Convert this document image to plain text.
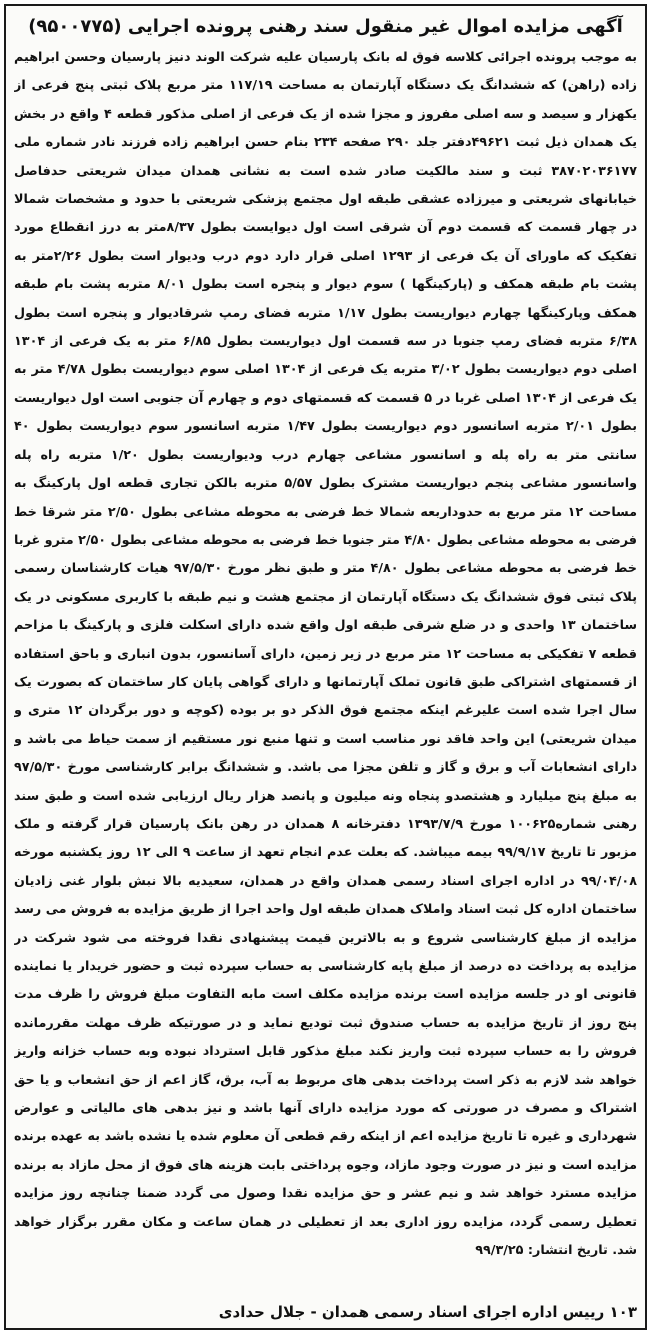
آگهی مزایده اموال غیر منقول سند رهنی پرونده اجرایی (۹۵۰۰۷۷۵)
به موجب پرونده اجرائی کلاسه فوق له بانک پارسیان علیه شرکت الوند دنیز پارسیان وحسن ابراهیم زاده (راهن) که ششدانگ یک دستگاه آپارتمان به مساحت ۱۱۷/۱۹ متر مربع پلاک ثبتی پنج فرعی از یکهزار و سیصد و سه اصلی مفروز و مجزا شده از یک فرعی از اصلی مذکور قطعه ۴ واقع در بخش یک همدان ذیل ثبت ۴۹۶۲۱دفتر جلد ۲۹۰ صفحه ۲۳۴ بنام حسن ابراهیم زاده فرزند نادر شماره ملی ۳۸۷۰۲۰۳۶۱۷۷ ثبت و سند مالکیت صادر شده است به نشانی همدان میدان شریعتی حدفاصل خیابانهای شریعتی و میرزاده عشقی طبقه اول مجتمع پزشکی شریعتی با حدود و مشخصات شمالا در چهار قسمت که قسمت دوم آن شرقی است اول دیوایست بطول ۸/۳۷متر به درز انقطاع مورد تفکیک که ماورای آن یک فرعی از ۱۲۹۳ اصلی قرار دارد دوم درب ودیوار است بطول ۲/۲۶متر به پشت بام طبقه همکف و (پارکینگها ) سوم دیوار و پنجره است بطول ۸/۰۱ متربه پشت بام طبقه همکف وپارکینگها چهارم دیواریست بطول ۱/۱۷ متربه فضای رمپ شرقادیوار و پنجره است بطول ۶/۳۸ متربه فضای رمپ جنوبا در سه قسمت اول دیواریست بطول ۶/۸۵ متر به یک فرعی از ۱۳۰۴ اصلی دوم دیواریست بطول ۳/۰۲ متربه یک فرعی از ۱۳۰۴ اصلی سوم دیواریست بطول ۴/۷۸ متر به یک فرعی از ۱۳۰۴ اصلی غربا در ۵ قسمت که قسمتهای دوم و چهارم آن جنوبی است اول دیواریست بطول ۲/۰۱ متربه اسانسور دوم دیواریست بطول ۱/۴۷ متربه اسانسور سوم دیواریست بطول ۴۰ سانتی متر به راه پله و اسانسور مشاعی چهارم درب ودیواریست بطول ۱/۲۰ متربه راه پله واسانسور مشاعی پنجم دیواریست مشترک بطول ۵/۵۷ متربه بالکن تجاری قطعه اول پارکینگ به مساحت ۱۲ متر مربع به حدوداربعه شمالا خط فرضی به محوطه مشاعی بطول ۲/۵۰ متر شرقا خط فرضی به محوطه مشاعی بطول ۴/۸۰ متر جنوبا خط فرضی به محوطه مشاعی بطول ۲/۵۰ مترو غربا خط فرضی به محوطه مشاعی بطول ۴/۸۰ متر و طبق نظر مورخ ۹۷/۵/۳۰ هیات کارشناسان رسمی پلاک ثبتی فوق ششدانگ یک دستگاه آپارتمان از مجتمع هشت و نیم طبقه با کاربری مسکونی در یک ساختمان ۱۳ واحدی و در ضلع شرقی طبقه اول واقع شده دارای اسکلت فلزی و پارکینگ با مزاحم قطعه ۷ تفکیکی به مساحت ۱۲ متر مربع در زیر زمین، دارای آسانسور، بدون انباری و باحق استفاده از قسمتهای اشتراکی طبق قانون تملک آپارتمانها و دارای گواهی پایان کار ساختمان که بصورت یک سال اجرا شده است علیرغم اینکه مجتمع فوق الذکر دو بر بوده (کوچه و دور برگردان ۱۲ متری و میدان شریعتی) این واحد فاقد نور مناسب است و تنها منبع نور مستقیم از سمت حیاط می باشد و دارای انشعابات آب و برق و گاز و تلفن مجزا می باشد. و ششدانگ برابر کارشناسی مورخ ۹۷/۵/۳۰ به مبلغ پنج میلیارد و هشتصدو پنجاه ونه میلیون و پانصد هزار ریال ارزیابی شده است و طبق سند رهنی شماره۱۰۰۶۲۵ مورخ ۱۳۹۳/۷/۹ دفترخانه ۸ همدان در رهن بانک پارسیان قرار گرفته و ملک مزبور تا تاریخ ۹۹/۹/۱۷ بیمه میباشد. که بعلت عدم انجام تعهد از ساعت ۹ الی ۱۲ روز یکشنبه مورخه ۹۹/۰۴/۰۸ در اداره اجرای اسناد رسمی همدان واقع در همدان، سعیدیه بالا نبش بلوار غنی زادیان ساختمان اداره کل ثبت اسناد واملاک همدان طبقه اول واحد اجرا از طریق مزایده به فروش می رسد مزایده از مبلغ کارشناسی شروع و به بالاترین قیمت پیشنهادی نقدا فروخته می شود شرکت در مزایده به پرداخت ده درصد از مبلغ پایه کارشناسی به حساب سپرده ثبت و حضور خریدار یا نماینده قانونی او در جلسه مزایده است برنده مزایده مکلف است مابه التفاوت مبلغ فروش را ظرف مدت پنج روز از تاریخ مزایده به حساب صندوق ثبت تودیع نماید و در صورتیکه ظرف مهلت مقررمانده فروش را به حساب سپرده ثبت واریز نکند مبلغ مذکور قابل استرداد نبوده وبه حساب خزانه واریز خواهد شد لازم به ذکر است پرداخت بدهی های مربوط به آب، برق، گاز اعم از حق انشعاب و یا حق اشتراک و مصرف در صورتی که مورد مزایده دارای آنها باشد و نیز بدهی های مالیاتی و عوارض شهرداری و غیره تا تاریخ مزایده اعم از اینکه رقم قطعی آن معلوم شده یا نشده باشد به عهده برنده مزایده است و نیز در صورت وجود مازاد، وجوه پرداختی بابت هزینه های فوق از محل مازاد به برنده مزایده مسترد خواهد شد و نیم عشر و حق مزایده نقدا وصول می گردد ضمنا چنانچه روز مزایده تعطیل رسمی گردد، مزایده روز اداری بعد از تعطیلی در همان ساعت و مکان مقرر برگزار خواهد شد. تاریخ انتشار: ۹۹/۳/۲۵
۱۰۳ رییس اداره اجرای اسناد رسمی همدان - جلال حدادی
